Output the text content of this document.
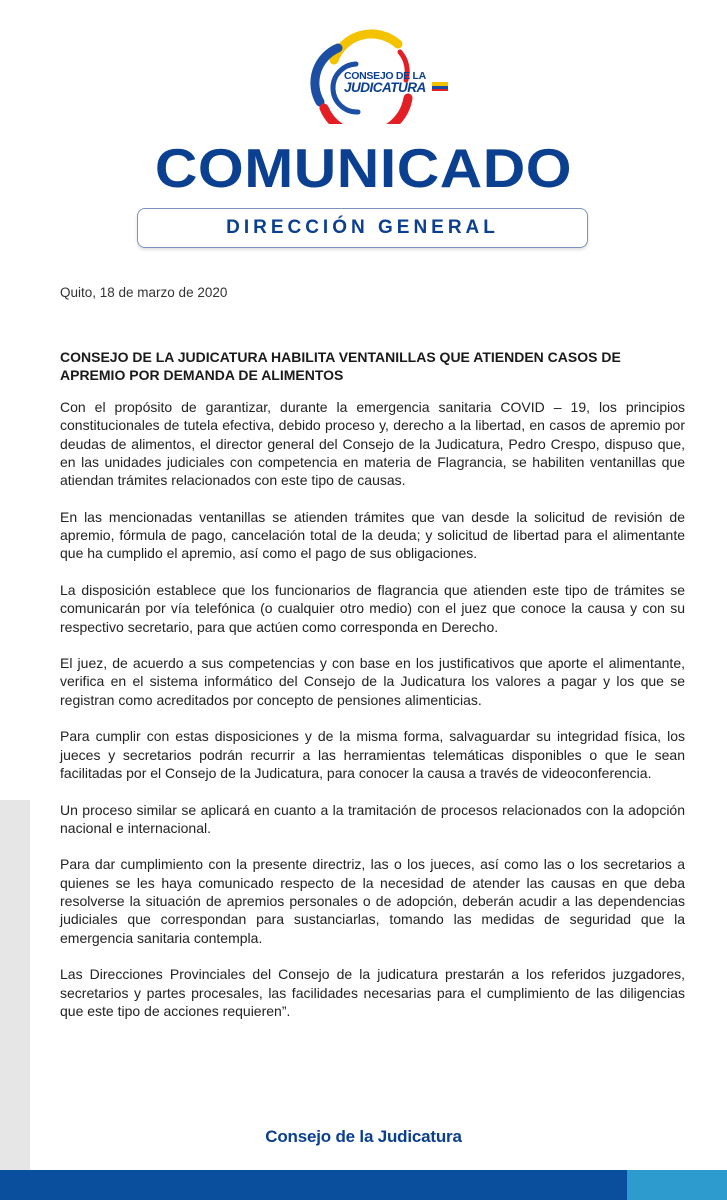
CONSEJO DE LA
JUDICATURA
COMUNICADO
DIRECCIÓN GENERAL
Quito, 18 de marzo de 2020

CONSEJO DE LA JUDICATURA HABILITA VENTANILLAS QUE ATIENDEN CASOS DE APREMIO POR DEMANDA DE ALIMENTOS

Con el propósito de garantizar, durante la emergencia sanitaria COVID – 19, los principios constitucionales de tutela efectiva, debido proceso y, derecho a la libertad, en casos de apremio por deudas de alimentos, el director general del Consejo de la Judicatura, Pedro Crespo, dispuso que, en las unidades judiciales con competencia en materia de Flagrancia, se habiliten ventanillas que atiendan trámites relacionados con este tipo de causas.

En las mencionadas ventanillas se atienden trámites que van desde la solicitud de revisión de apremio, fórmula de pago, cancelación total de la deuda; y solicitud de libertad para el alimentante que ha cumplido el apremio, así como el pago de sus obligaciones.

La disposición establece que los funcionarios de flagrancia que atienden este tipo de trámites se comunicarán por vía telefónica (o cualquier otro medio) con el juez que conoce la causa y con su respectivo secretario, para que actúen como corresponda en Derecho.

El juez, de acuerdo a sus competencias y con base en los justificativos que aporte el alimentante, verifica en el sistema informático del Consejo de la Judicatura los valores a pagar y los que se registran como acreditados por concepto de pensiones alimenticias.

Para cumplir con estas disposiciones y de la misma forma, salvaguardar su integridad física, los jueces y secretarios podrán recurrir a las herramientas telemáticas disponibles o que le sean facilitadas por el Consejo de la Judicatura, para conocer la causa a través de videoconferencia.

Un proceso similar se aplicará en cuanto a la tramitación de procesos relacionados con la adopción nacional e internacional.

Para dar cumplimiento con la presente directriz, las o los jueces, así como las o los secretarios a quienes se les haya comunicado respecto de la necesidad de atender las causas en que deba resolverse la situación de apremios personales o de adopción, deberán acudir a las dependencias judiciales que correspondan para sustanciarlas, tomando las medidas de seguridad que la emergencia sanitaria contempla.

Las Direcciones Provinciales del Consejo de la judicatura prestarán a los referidos juzgadores, secretarios y partes procesales, las facilidades necesarias para el cumplimiento de las diligencias que este tipo de acciones requieren”.

Consejo de la Judicatura
